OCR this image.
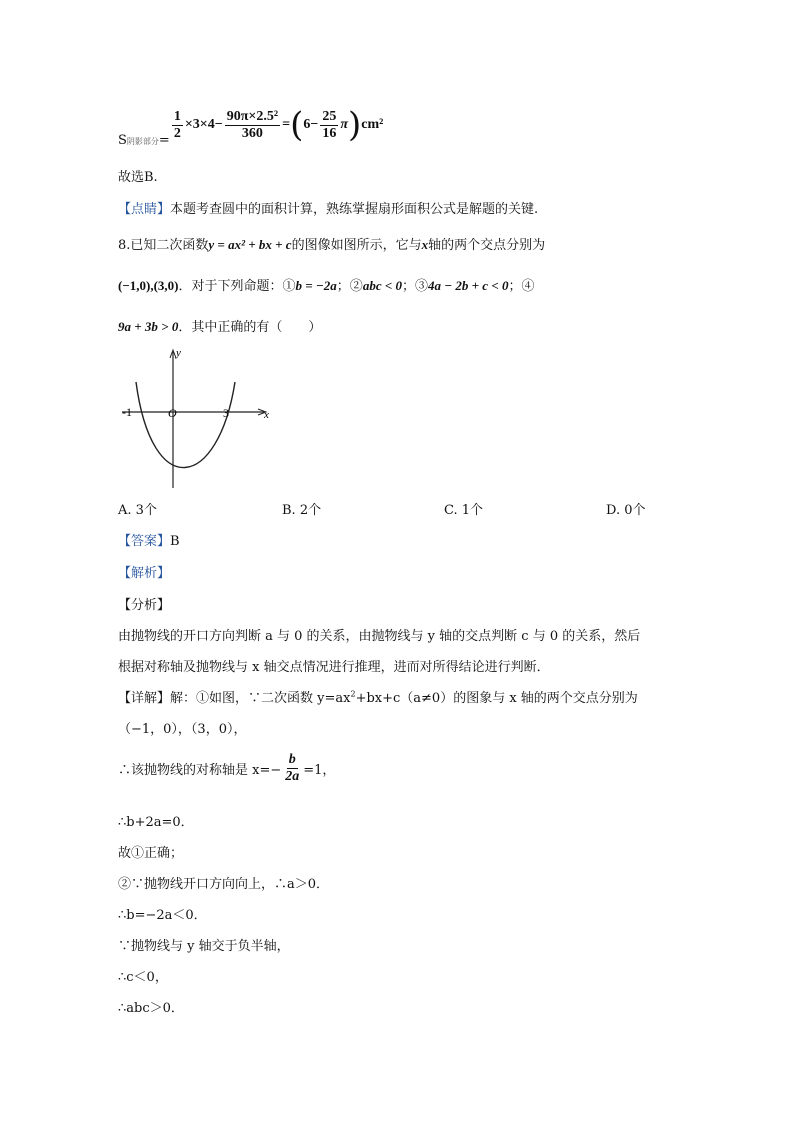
S阴影部分= $\frac{1}{2} \times 3\times 4- \frac{\text{90π×2.5²}}{360}$ = ( $6- \frac{25}{16}$ π ) cm²
故选B.
【点睛】本题考查圆中的面积计算，熟练掌握扇形面积公式是解题的关键.
8.已知二次函数y = ax² + bx + c的图像如图所示，它与x轴的两个交点分别为
(−1,0),(3,0)．对于下列命题：①b = −2a；②abc < 0；③4a − 2b + c < 0；④
9a + 3b > 0．其中正确的有（　　）
y
x
-1	O	3
A. 3个	B. 2个	C. 1个	D. 0个
【答案】B
【解析】
【分析】
由抛物线的开口方向判断 a 与 0 的关系，由抛物线与 y 轴的交点判断 c 与 0 的关系，然后
根据对称轴及抛物线与 x 轴交点情况进行推理，进而对所得结论进行判断．
【详解】解：①如图，∵二次函数 $y=ax^2+bx+c(a\ne 0)$的图象与 x 轴的两个交点分别为
（−1，0），（3，0），
∴该抛物线的对称轴是 $x=- \frac{b}{2a} =1$，
∴b+2a=0．
故①正确；
②∵抛物线开口方向向上，∴a＞0．
∴b=−2a＜0．
∵抛物线与 y 轴交于负半轴，
∴c＜0，
∴abc＞0．
